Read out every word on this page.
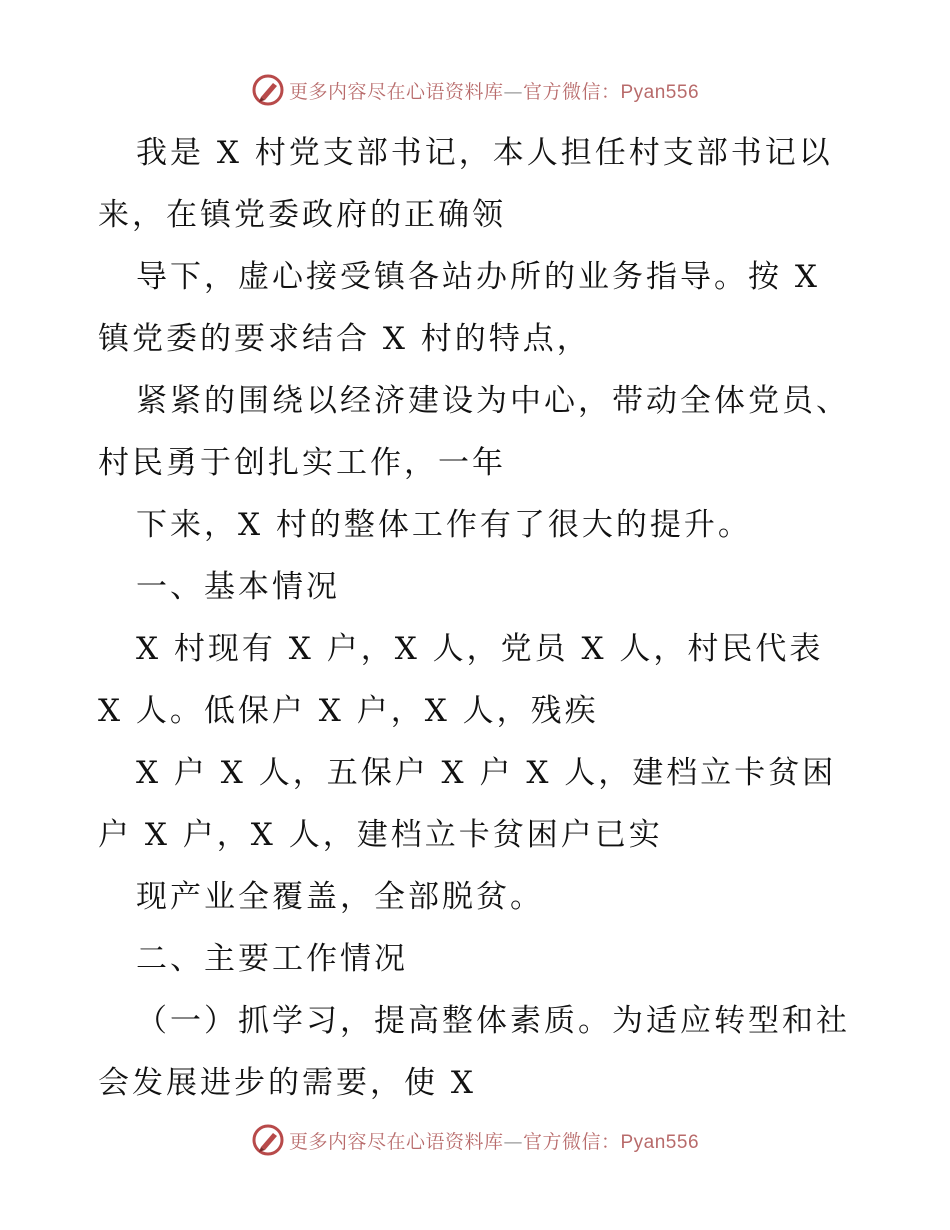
更多内容尽在心语资料库—官方微信：Pyan556

我是 X 村党支部书记，本人担任村支部书记以来，在镇党委政府的正确领

导下，虚心接受镇各站办所的业务指导。按 X 镇党委的要求结合 X 村的特点，

紧紧的围绕以经济建设为中心，带动全体党员、村民勇于创扎实工作，一年

下来，X 村的整体工作有了很大的提升。

一、基本情况

X 村现有 X 户，X 人，党员 X 人，村民代表 X 人。低保户 X 户，X 人，残疾

X 户 X 人，五保户 X 户 X 人，建档立卡贫困户 X 户，X 人，建档立卡贫困户已实

现产业全覆盖，全部脱贫。

二、主要工作情况

（一）抓学习，提高整体素质。为适应转型和社会发展进步的需要，使 X

更多内容尽在心语资料库—官方微信：Pyan556
